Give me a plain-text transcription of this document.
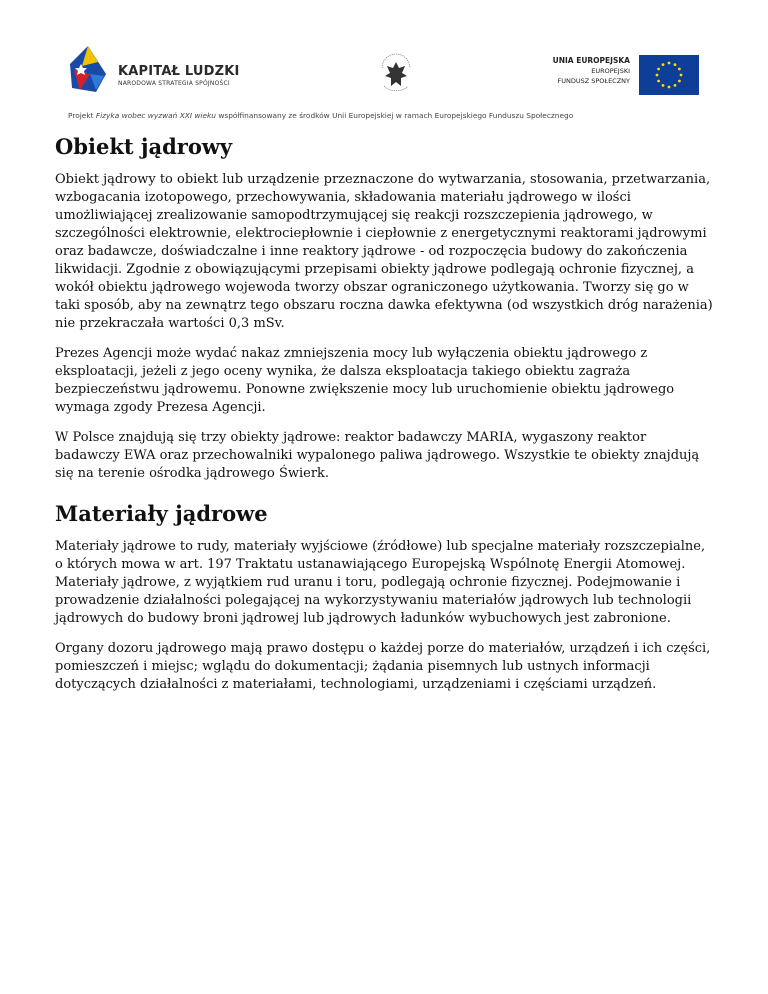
KAPITAŁ LUDZKI
NARODOWA STRATEGIA SPÓJNOŚCI
UNIA EUROPEJSKA
EUROPEJSKI
FUNDUSZ SPOŁECZNY
Projekt Fizyka wobec wyzwań XXI wieku współfinansowany ze środków Unii Europejskiej w ramach Europejskiego Funduszu Społecznego
Obiekt jądrowy

Obiekt jądrowy to obiekt lub urządzenie przeznaczone do wytwarzania, stosowania, przetwarzania, wzbogacania izotopowego, przechowywania, składowania materiału jądrowego w ilości umożliwiającej zrealizowanie samopodtrzymującej się reakcji rozszczepienia jądrowego, w szczególności elektrownie, elektrociepłownie i ciepłownie z energetycznymi reaktorami jądrowymi oraz badawcze, doświadczalne i inne reaktory jądrowe - od rozpoczęcia budowy do zakończenia likwidacji. Zgodnie z obowiązującymi przepisami obiekty jądrowe podlegają ochronie fizycznej, a wokół obiektu jądrowego wojewoda tworzy obszar ograniczonego użytkowania. Tworzy się go w taki sposób, aby na zewnątrz tego obszaru roczna dawka efektywna (od wszystkich dróg narażenia) nie przekraczała wartości 0,3 mSv.

Prezes Agencji może wydać nakaz zmniejszenia mocy lub wyłączenia obiektu jądrowego z eksploatacji, jeżeli z jego oceny wynika, że dalsza eksploatacja takiego obiektu zagraża bezpieczeństwu jądrowemu. Ponowne zwiększenie mocy lub uruchomienie obiektu jądrowego wymaga zgody Prezesa Agencji.

W Polsce znajdują się trzy obiekty jądrowe: reaktor badawczy MARIA, wygaszony reaktor badawczy EWA oraz przechowalniki wypalonego paliwa jądrowego. Wszystkie te obiekty znajdują się na terenie ośrodka jądrowego Świerk.

Materiały jądrowe

Materiały jądrowe to rudy, materiały wyjściowe (źródłowe) lub specjalne materiały rozszczepialne, o których mowa w art. 197 Traktatu ustanawiającego Europejską Wspólnotę Energii Atomowej. Materiały jądrowe, z wyjątkiem rud uranu i toru, podlegają ochronie fizycznej. Podejmowanie i prowadzenie działalności polegającej na wykorzystywaniu materiałów jądrowych lub technologii jądrowych do budowy broni jądrowej lub jądrowych ładunków wybuchowych jest zabronione.

Organy dozoru jądrowego mają prawo dostępu o każdej porze do materiałów, urządzeń i ich części, pomieszczeń i miejsc; wglądu do dokumentacji; żądania pisemnych lub ustnych informacji dotyczących działalności z materiałami, technologiami, urządzeniami i częściami urządzeń.
